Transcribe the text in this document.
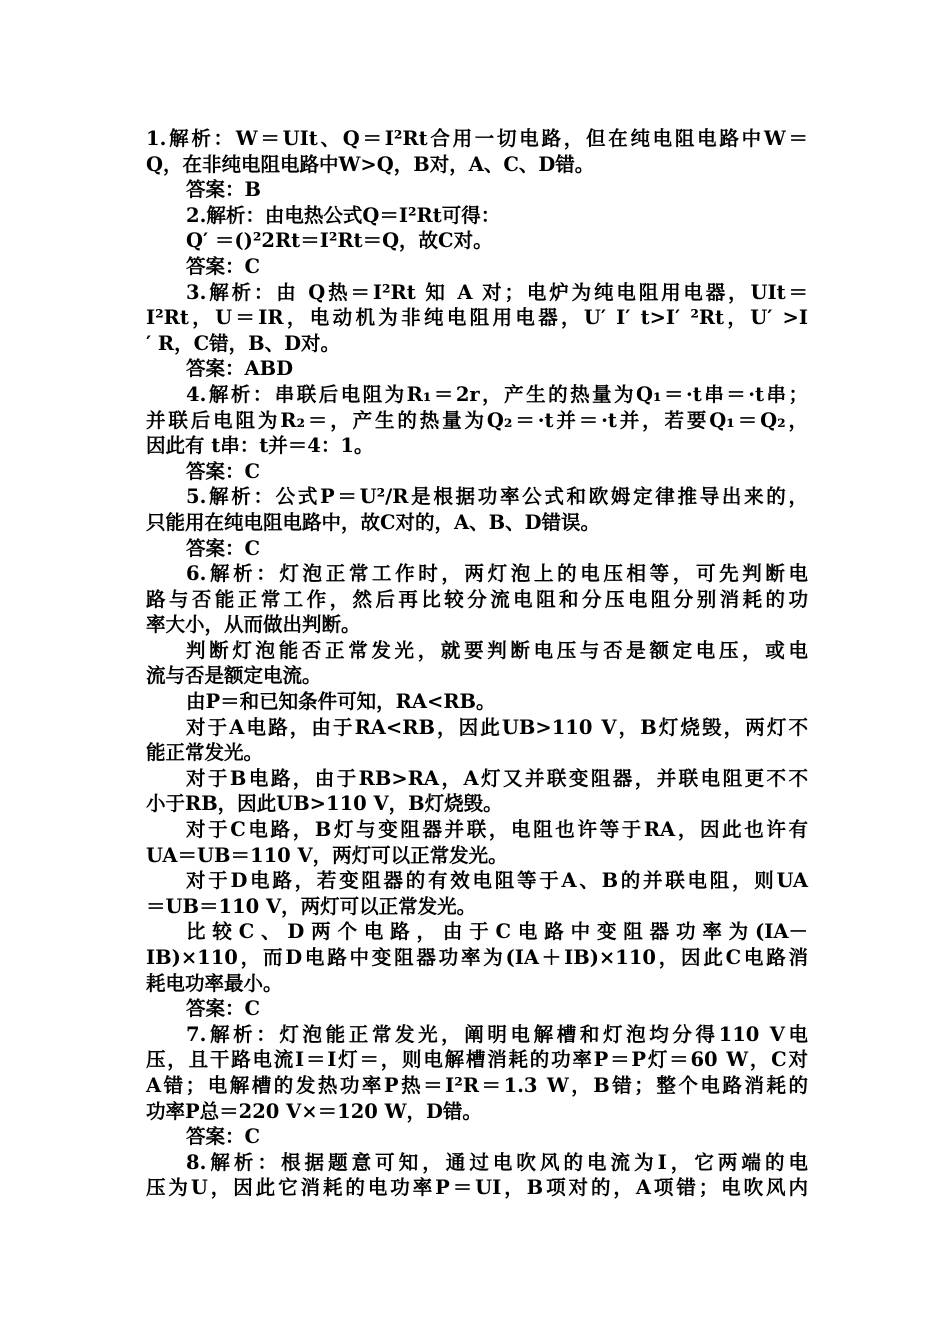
1.解析：W＝UIt、Q＝I²Rt合用一切电路，但在纯电阻电路中W＝
Q，在非纯电阻电路中W>Q，B对，A、C、D错。
答案：B
2.解析：由电热公式Q＝I²Rt可得：
Q′ ＝()²2Rt＝I²Rt＝Q，故C对。
答案：C
3.解析：由 Q热＝I²Rt 知 A 对；电炉为纯电阻用电器，UIt＝
I²Rt，U＝IR，电动机为非纯电阻用电器，U′ I′ t>I′ ²Rt，U′ >I
′ R，C错，B、D对。
答案：ABD
4.解析：串联后电阻为R₁＝2r，产生的热量为Q₁＝·t串＝·t串；
并联后电阻为R₂＝，产生的热量为Q₂＝·t并＝·t并，若要Q₁＝Q₂，
因此有 t串：t并＝4：1。
答案：C
5.解析：公式P＝U²/R是根据功率公式和欧姆定律推导出来的，
只能用在纯电阻电路中，故C对的，A、B、D错误。
答案：C
6.解析：灯泡正常工作时，两灯泡上的电压相等，可先判断电
路与否能正常工作，然后再比较分流电阻和分压电阻分别消耗的功
率大小，从而做出判断。
判断灯泡能否正常发光，就要判断电压与否是额定电压，或电
流与否是额定电流。
由P＝和已知条件可知，RA<RB。
对于A电路，由于RA<RB，因此UB>110 V，B灯烧毁，两灯不
能正常发光。
对于B电路，由于RB>RA，A灯又并联变阻器，并联电阻更不不
小于RB，因此UB>110 V，B灯烧毁。
对于C电路，B灯与变阻器并联，电阻也许等于RA，因此也许有
UA＝UB＝110 V，两灯可以正常发光。
对于D电路，若变阻器的有效电阻等于A、B的并联电阻，则UA
＝UB＝110 V，两灯可以正常发光。
比较C、D两个电路，由于C电路中变阻器功率为(IA－
IB)×110，而D电路中变阻器功率为(IA＋IB)×110，因此C电路消
耗电功率最小。
答案：C
7.解析：灯泡能正常发光，阐明电解槽和灯泡均分得110 V电
压，且干路电流I＝I灯＝，则电解槽消耗的功率P＝P灯＝60 W，C对
A错；电解槽的发热功率P热＝I²R＝1.3 W，B错；整个电路消耗的
功率P总＝220 V×＝120 W，D错。
答案：C
8.解析：根据题意可知，通过电吹风的电流为I，它两端的电
压为U，因此它消耗的电功率P＝UI，B项对的，A项错；电吹风内
